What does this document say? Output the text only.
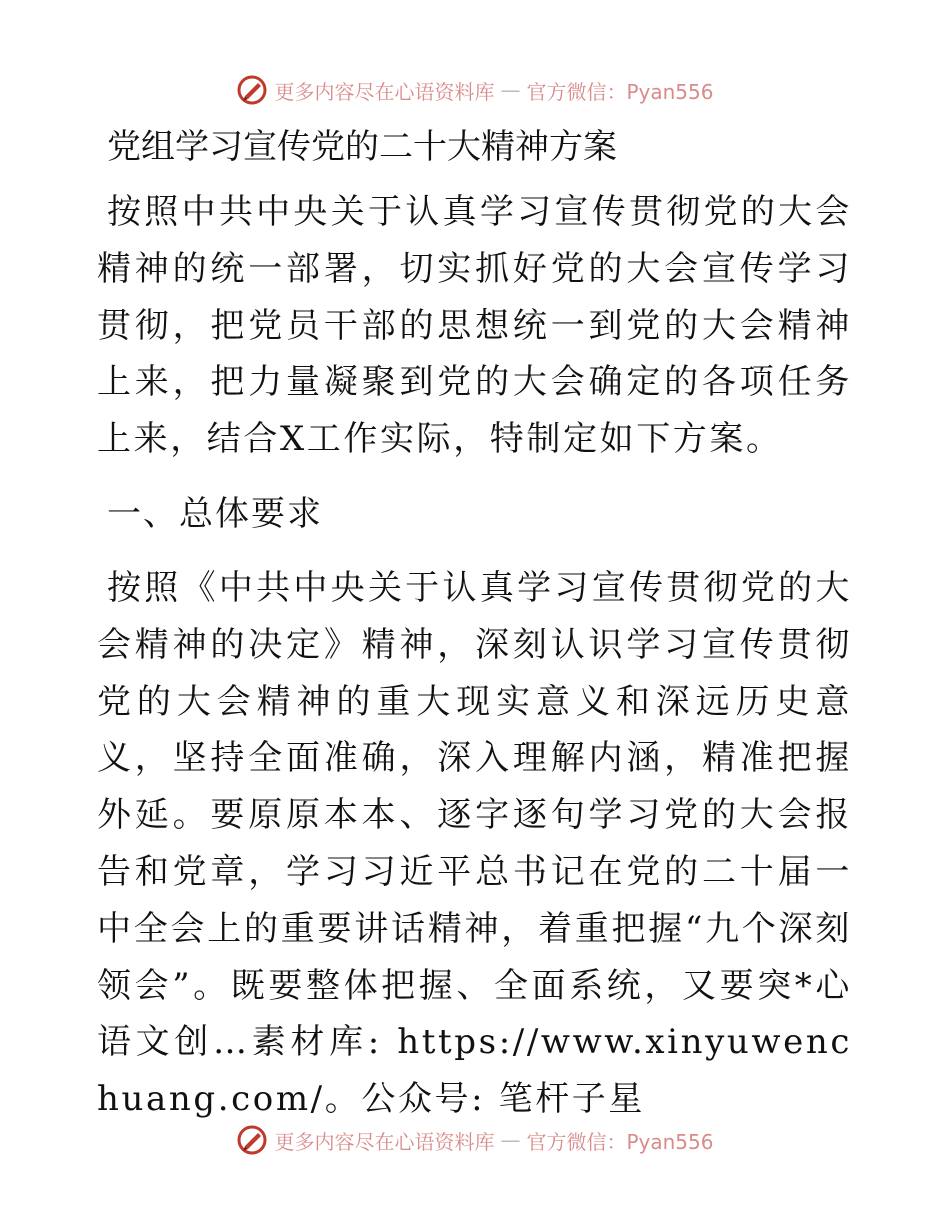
更多内容尽在心语资料库 — 官方微信：Pyan556
党组学习宣传党的二十大精神方案

按照中共中央关于认真学习宣传贯彻党的大会精神的统一部署，切实抓好党的大会宣传学习贯彻，把党员干部的思想统一到党的大会精神上来，把力量凝聚到党的大会确定的各项任务上来，结合X工作实际，特制定如下方案。

一、总体要求

按照《中共中央关于认真学习宣传贯彻党的大会精神的决定》精神，深刻认识学习宣传贯彻党的大会精神的重大现实意义和深远历史意义，坚持全面准确，深入理解内涵，精准把握外延。要原原本本、逐字逐句学习党的大会报告和党章，学习习近平总书记在党的二十届一中全会上的重要讲话精神，着重把握“九个深刻领会”。既要整体把握、全面系统，又要突*心语文创…素材库: https://www.xinyuwenchuang.com/。公众号: 笔杆子星

更多内容尽在心语资料库 — 官方微信：Pyan556
